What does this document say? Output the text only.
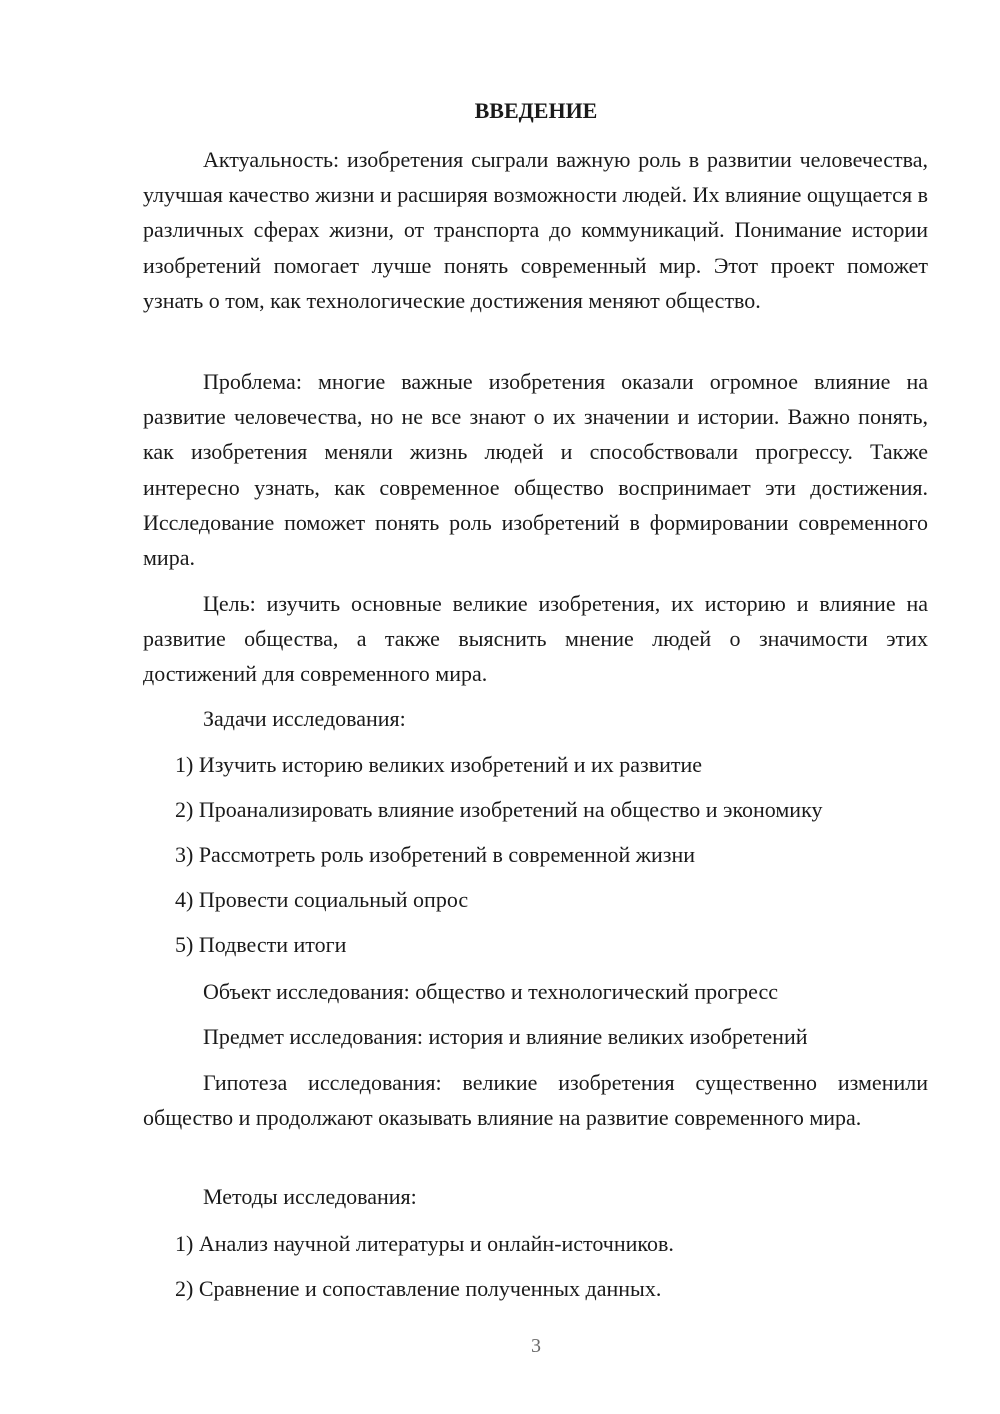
ВВЕДЕНИЕ

Актуальность: изобретения сыграли важную роль в развитии человечества, улучшая качество жизни и расширяя возможности людей. Их влияние ощущается в различных сферах жизни, от транспорта до коммуникаций. Понимание истории изобретений помогает лучше понять современный мир. Этот проект поможет узнать о том, как технологические достижения меняют общество.

Проблема: многие важные изобретения оказали огромное влияние на развитие человечества, но не все знают о их значении и истории. Важно понять, как изобретения меняли жизнь людей и способствовали прогрессу. Также интересно узнать, как современное общество воспринимает эти достижения. Исследование поможет понять роль изобретений в формировании современного мира.

Цель: изучить основные великие изобретения, их историю и влияние на развитие общества, а также выяснить мнение людей о значимости этих достижений для современного мира.

Задачи исследования:

1) Изучить историю великих изобретений и их развитие

2) Проанализировать влияние изобретений на общество и экономику

3) Рассмотреть роль изобретений в современной жизни

4) Провести социальный опрос

5) Подвести итоги

Объект исследования: общество и технологический прогресс

Предмет исследования: история и влияние великих изобретений

Гипотеза исследования: великие изобретения существенно изменили общество и продолжают оказывать влияние на развитие современного мира.

Методы исследования:

1) Анализ научной литературы и онлайн-источников.

2) Сравнение и сопоставление полученных данных.

3
